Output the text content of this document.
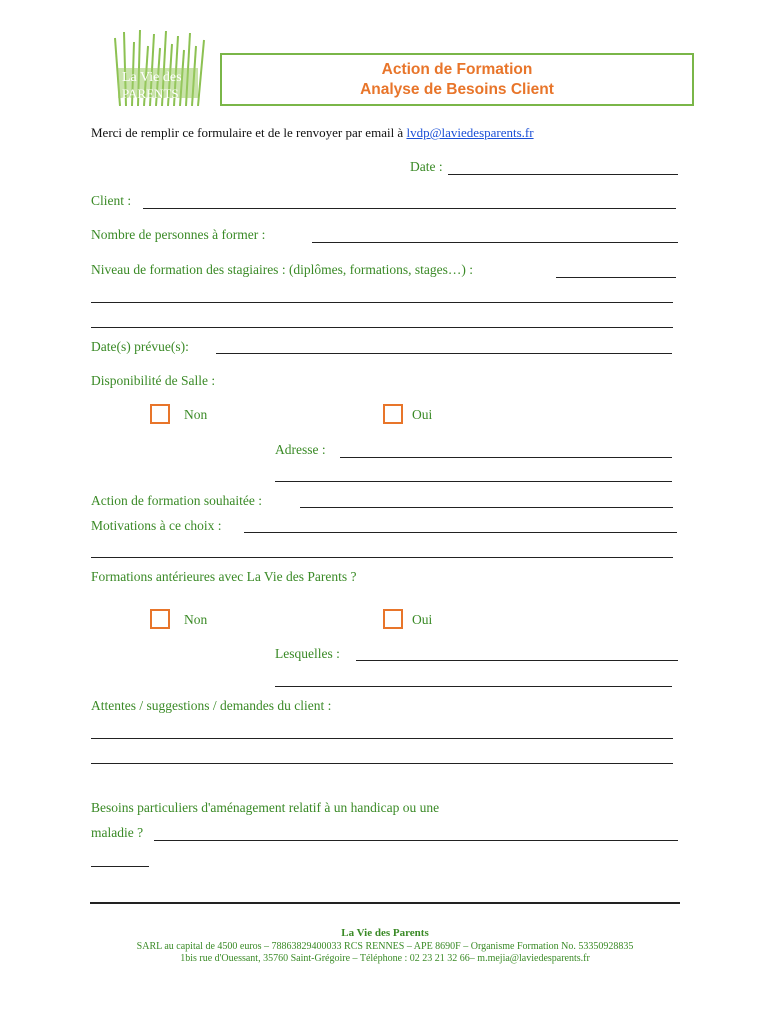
La Vie des
PARENTS
Action de Formation
Analyse de Besoins Client
Merci de remplir ce formulaire et de le renvoyer par email à lvdp@laviedesparents.fr
Date :
Client :
Nombre de personnes à former :
Niveau de formation des stagiaires : (diplômes, formations, stages…) :
Date(s) prévue(s):
Disponibilité de Salle :
Non	Oui
Adresse :
Action de formation souhaitée :
Motivations à ce choix :
Formations antérieures avec La Vie des Parents ?
Non	Oui
Lesquelles :
Attentes / suggestions / demandes du client :
Besoins particuliers d'aménagement relatif à un handicap ou une
maladie ?
La Vie des Parents
SARL au capital de 4500 euros – 78863829400033 RCS RENNES – APE 8690F – Organisme Formation No. 53350928835
1bis rue d'Ouessant, 35760 Saint-Grégoire – Téléphone : 02 23 21 32 66– m.mejia@laviedesparents.fr
